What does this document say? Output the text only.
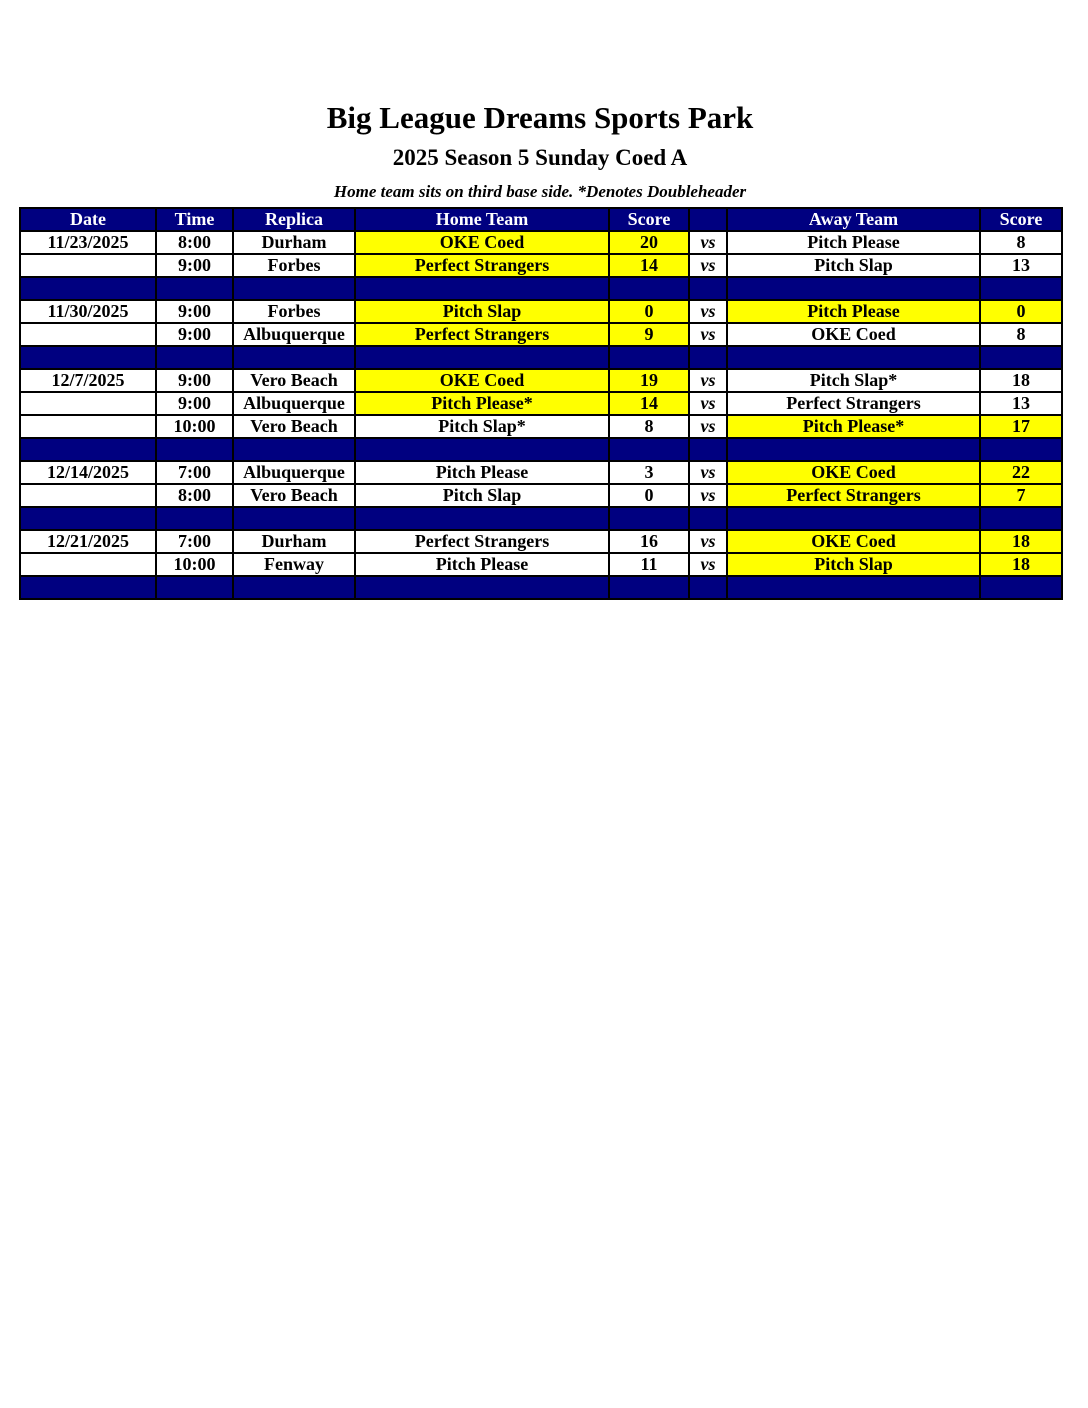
Big League Dreams Sports Park
2025 Season 5 Sunday Coed A
Home team sits on third base side. *Denotes Doubleheader
Date	Time	Replica	Home Team	Score		Away Team	Score
11/23/2025	8:00	Durham	OKE Coed	20	vs	Pitch Please	8
	9:00	Forbes	Perfect Strangers	14	vs	Pitch Slap	13

11/30/2025	9:00	Forbes	Pitch Slap	0	vs	Pitch Please	0
	9:00	Albuquerque	Perfect Strangers	9	vs	OKE Coed	8

12/7/2025	9:00	Vero Beach	OKE Coed	19	vs	Pitch Slap*	18
	9:00	Albuquerque	Pitch Please*	14	vs	Perfect Strangers	13
	10:00	Vero Beach	Pitch Slap*	8	vs	Pitch Please*	17

12/14/2025	7:00	Albuquerque	Pitch Please	3	vs	OKE Coed	22
	8:00	Vero Beach	Pitch Slap	0	vs	Perfect Strangers	7

12/21/2025	7:00	Durham	Perfect Strangers	16	vs	OKE Coed	18
	10:00	Fenway	Pitch Please	11	vs	Pitch Slap	18
